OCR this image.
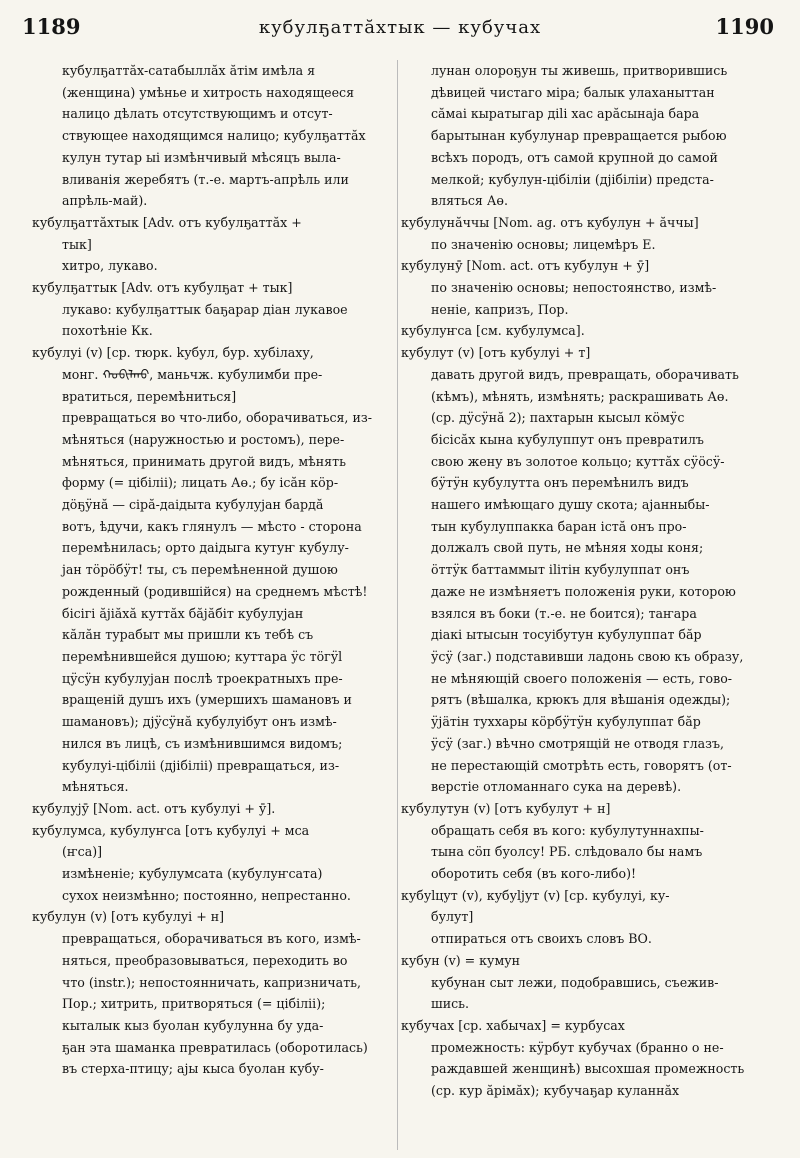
1189	кубулҕаттӑхтык — кубучах	1190
кубулҕаттӑх-сатабыллӑх ӑтім имѣла я
(женщина) умѣнье и хитрость находящееся
налицо дѣлать отсутствующимъ и отсут-
ствующее находящимся налицо; кубулҕаттӑх
кулун тутар ыі измѣнчивый мѣсяцъ выла-
вливанія жеребятъ (т.-е. мартъ-апрѣль или
апрѣль-май).
кубулҕаттӑхтык [Adv. отъ кубулҕаттӑх +
тык]
хитро, лукаво.
кубулҕаттык [Adv. отъ кубулҕат + тык]
лукаво: кубулҕаттык баҕарар діан лукавое
похотѣніе Кк.
кубулуі (v) [ср. тюрк. kубул, бур. хубілаху,
монг. ᠬᠤᠪᠢᠯᠬᠤ, маньчж. кубулимби пре-
вратиться, перемѣниться]
превращаться во что-либо, оборачиваться, из-
мѣняться (наружностью и ростомъ), пере-
мѣняться, принимать другой видъ, мѣнять
форму (= цібіліі); лицать Аө.; бу ісӑн кӧр-
дӧҕӱнӑ — сірӑ-даідыта кубулуjан бардӑ
вотъ, ѣдучи, какъ глянулъ — мѣсто - сторона
перемѣнилась; орто даідыга кутуҥ кубулу-
jан тӧрӧбӱт! ты, съ перемѣненной душою
рожденный (родившійся) на среднемъ мѣстѣ!
бісігі ӑjіӑхӑ куттӑх бӑjӑбіт кубулуjан
кӑлӑн турабыт мы пришли къ тебѣ съ
перемѣнившейся душою; куттара ӱс тӧгӱl
цӱсӱн кубулуjан послѣ троекратныхъ пре-
вращеній душъ ихъ (умершихъ шамановъ и
шамановъ); дjӱсӱнӑ кубулуібут онъ измѣ-
нился въ лицѣ, съ измѣнившимся видомъ;
кубулуі-цібіліі (дjібіліі) превращаться, из-
мѣняться.
кубулуjӯ [Nom. act. отъ кубулуі + ӯ].
кубулумса, кубулуҥса [отъ кубулуі + мса
(ҥса)]
измѣненіе; кубулумсата (кубулуҥсата)
сухох неизмѣнно; постоянно, непрестанно.
кубулун (v) [отъ кубулуі + н]
превращаться, оборачиваться въ кого, измѣ-
няться, преобразовываться, переходить во
что (instr.); непостоянничать, капризничать,
Пор.; хитрить, притворяться (= цібіліі);
кыталык кыз буолан кубулунна бу уда-
ҕан эта шаманка превратилась (оборотилась)
въ стерха-птицу; аjы кыса буолан кубу-
лунан олороҕун ты живешь, притворившись
дѣвицей чистаго міра; балык улаханыттан
сӑмаі кыратыгар діlі хас арӑсынаjа бара
барытынан кубулунар превращается рыбою
всѣхъ породъ, отъ самой крупной до самой
мелкой; кубулун-цібіліи (дjібіліи) предста-
вляться Аө.
кубулунӑччы [Nom. ag. отъ кубулун + ӑччы]
по значенію основы; лицемѣръ Е.
кубулунӯ [Nom. act. отъ кубулун + ӯ]
по значенію основы; непостоянство, измѣ-
неніе, капризъ, Пор.
кубулуҥса [см. кубулумса].
кубулут (v) [отъ кубулуі + т]
давать другой видъ, превращать, оборачивать
(кѣмъ), мѣнять, измѣнять; раскрашивать Аө.
(ср. дӱсӱнӑ 2); пахтарын кысыл кӧмӱс
бісісӑх кына кубулуппут онъ превратилъ
свою жену въ золотое кольцо; куттӑх сӱӧсӱ-
бӱтӱн кубулутта онъ перемѣнилъ видъ
нашего имѣющаго душу скота; аjанныбы-
тын кубулуппакка баран істӑ онъ про-
должалъ свой путь, не мѣняя ходы коня;
ӧттӱк баттаммыт іlітін кубулуппат онъ
даже не измѣняетъ положенія руки, которою
взялся въ боки (т.-е. не боится); таҥара
діакі ытысын тосуібутун кубулуппат бӑр
ӱсӱ (заг.) подставивши ладонь свою къ образу,
не мѣняющій своего положенія — есть, гово-
рятъ (вѣшалка, крюкъ для вѣшанія одежды);
ӱjӓтін туххары кӧрбӱтӱн кубулуппат бӑр
ӱсӱ (заг.) вѣчно смотрящій не отводя глазъ,
не перестающій смотрѣть есть, говорятъ (от-
верстіе отломаннаго сука на деревѣ).
кубулутун (v) [отъ кубулут + н]
обращать себя въ кого: кубулутуннахпы-
тына сӧп буолсу! РБ. слѣдовало бы намъ
оборотить себя (въ кого-либо)!
кубуlцут (v), кубуlјут (v) [ср. кубулуі, ку-
булут]
отпираться отъ своихъ словъ ВО.
кубун (v) = кумун
кубунан сыт лежи, подобравшись, съежив-
шись.
кубучах [ср. хабычах] = курбусах
промежность: кӱрбут кубучах (бранно о не-
раждавшей женщинѣ) высохшая промежность
(ср. кур ӑрімӑх); кубучаҕар куланнӑх
